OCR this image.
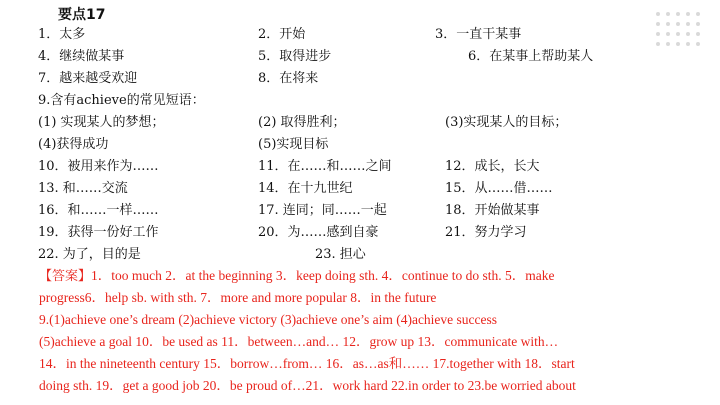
要点17
1．太多	2．开始	3．一直干某事
4．继续做某事	5．取得进步	6．在某事上帮助某人
7．越来越受欢迎	8．在将来
9.含有achieve的常见短语：
(1) 实现某人的梦想；	(2) 取得胜利；	(3)实现某人的目标；
(4)获得成功	(5)实现目标
10．被用来作为……	11．在……和……之间	12．成长，长大
13. 和……交流	14．在十九世纪	15．从……借……
16．和……一样……	17. 连同；同……一起	18．开始做某事
19．获得一份好工作	20．为……感到自豪	21．努力学习
22. 为了，目的是	23. 担心
【答案】1．too much 2．at the beginning 3．keep doing sth. 4．continue to do sth. 5．make
progress6．help sb. with sth. 7．more and more popular 8．in the future
9.(1)achieve one’s dream (2)achieve victory (3)achieve one’s aim (4)achieve success
(5)achieve a goal 10．be used as 11．between…and… 12．grow up 13．communicate with…
14．in the nineteenth century 15．borrow…from… 16．as…as和…… 17.together with 18．start
doing sth. 19．get a good job 20．be proud of…21．work hard 22.in order to 23.be worried about
